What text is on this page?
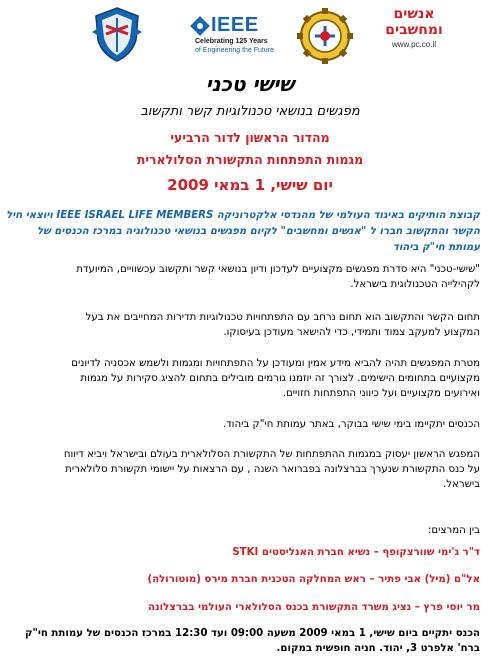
IEEE
Celebrating 125 Years
of Engineering the Future
אנשים
ומחשבים
www.pc.co.il
שישי טכני
מפגשים בנושאי טכנולוגיות קשר ותקשוב
מהדור הראשון לדור הרביעי
מגמות התפתחות התקשורת הסלולארית
יום שישי, 1 במאי 2009
קבוצת הותיקים באיגוד העולמי של מהנדסי אלקטרוניקה IEEE ISRAEL LIFE MEMBERS ויוצאי חיל
הקשר והתקשוב חברו ל "אנשים ומחשבים" לקיום מפגשים בנושאי טכנולוגיה במרכז הכנסים של
עמותת חי"ק ביהוד
"שישי-טכני" היא סדרת מפגשים מקצועיים לעדכון ודיון בנושאי קשר ותקשוב עכשוויים, המיועדת
לקהילייה הטכנולוגית בישראל.
תחום הקשר והתקשוב הוא תחום נרחב עם התפתחויות טכנולוגיות תדירות המחייבים את בעל
המקצוע למעקב צמוד ותמידי, כדי להישאר מעודכן בעיסוקו.
מטרת המפגשים תהיה להביא מידע אמין ומעודכן על התפתחויות ומגמות ולשמש אכסניה לדיונים
מקצועיים בתחומים הישימים. לצורך זה יוזמנו גורמים מובילים בתחום להציג סקירות על מגמות
ואירועים מקצועיים ועל כיווני התפתחות חזויים.
הכנסים יתקיימו בימי שישי בבוקר, באתר עמותת חי"ק ביהוד.
המפגש הראשון יעסוק במגמות ההתפתחות של התקשורת הסלולארית בעולם ובישראל ויביא דיווח
על כנס התקשורת שנערך בברצלונה בפברואר השנה , עם הרצאות על יישומי תקשורת סלולארית
בישראל.
בין המרצים:
ד"ר ג'ימי שוורצקופף – נשיא חברת האנליסטים STKI
אל"ם (מיל) אבי פתיר – ראש המחלקה הטכנית חברת מירס (מוטורולה)
מר יוסי פרץ – נציג משרד התקשורת בכנס הסלולארי העולמי בברצלונה
הכנס יתקיים ביום שישי, 1 במאי 2009 משעה 09:00 ועד 12:30 במרכז הכנסים של עמותת חי"ק
ברח' אלפרט 3, יהוד. חניה חופשית במקום.
